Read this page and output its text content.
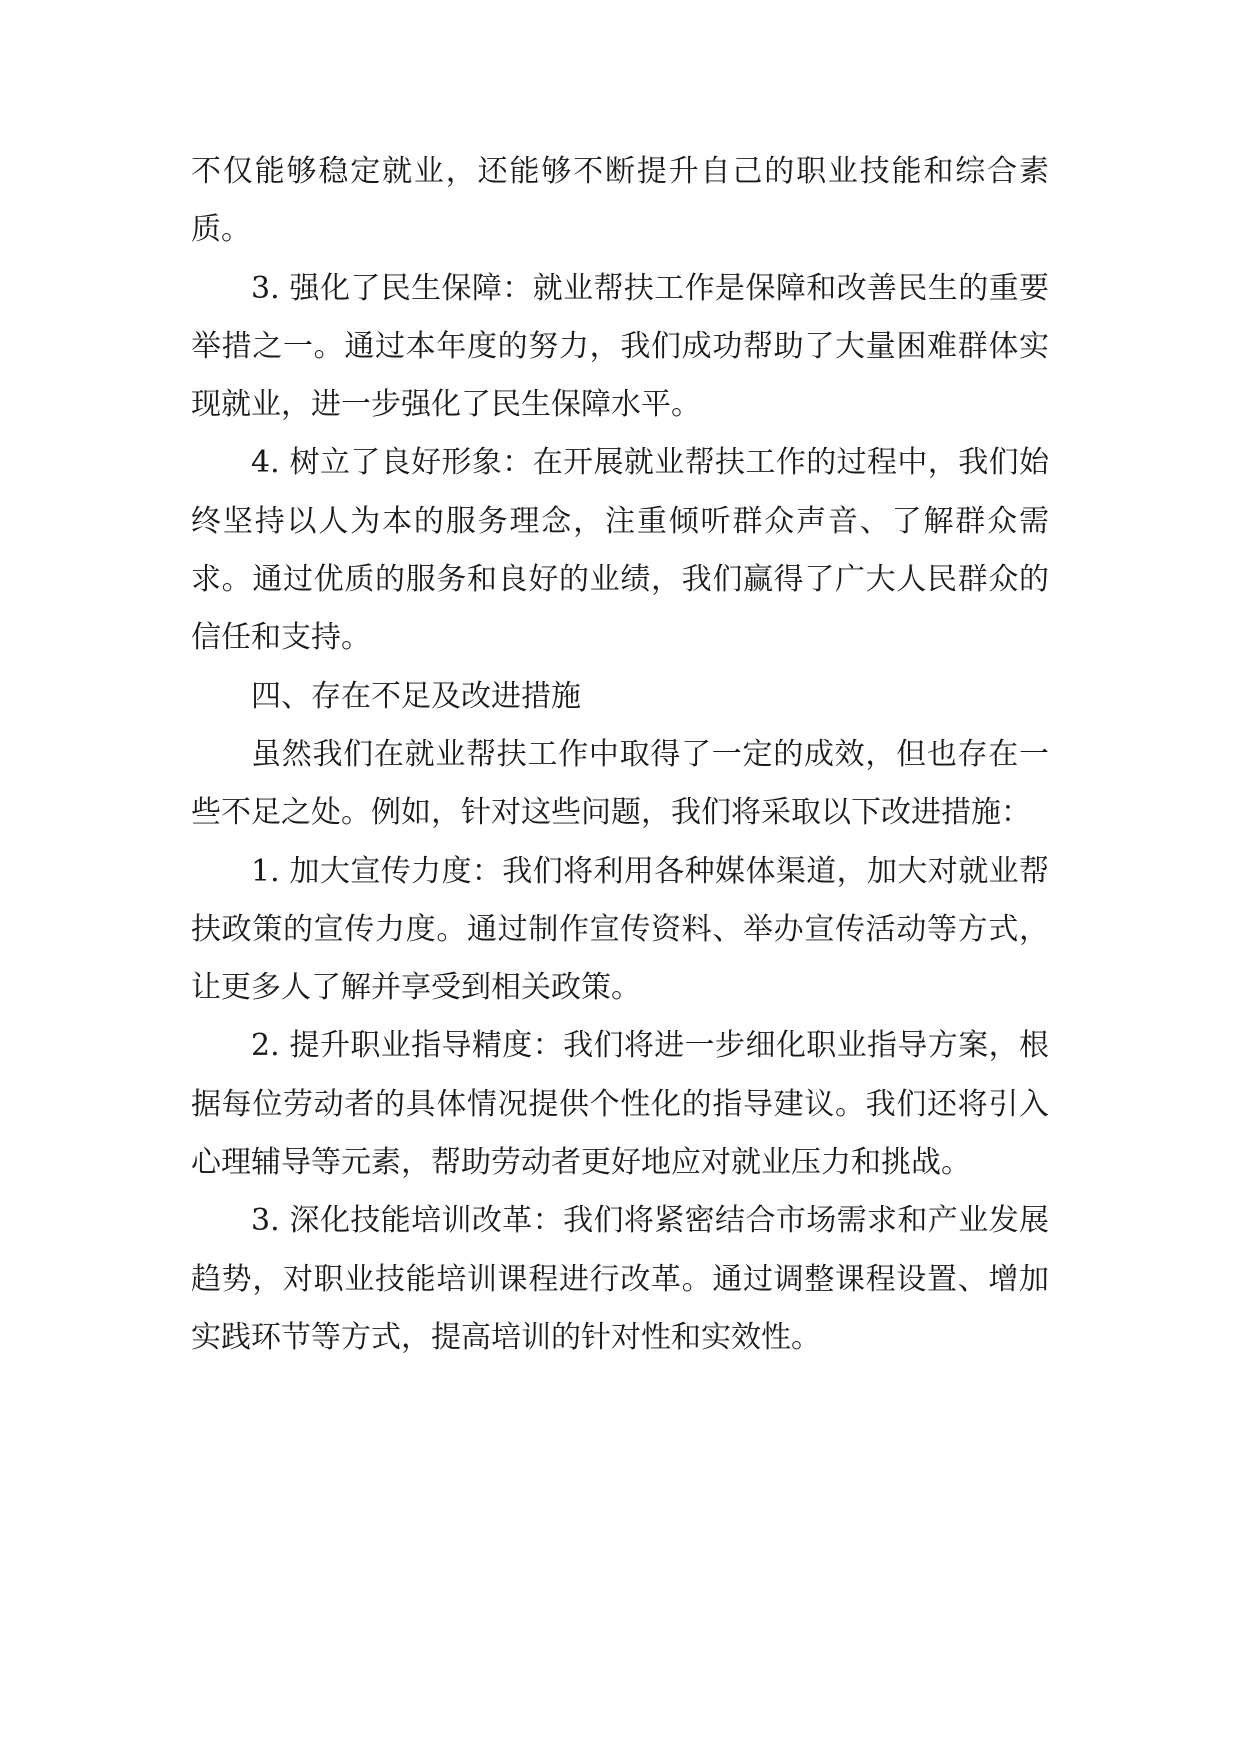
不仅能够稳定就业，还能够不断提升自己的职业技能和综合素质。

3. 强化了民生保障：就业帮扶工作是保障和改善民生的重要举措之一。通过本年度的努力，我们成功帮助了大量困难群体实现就业，进一步强化了民生保障水平。

4. 树立了良好形象：在开展就业帮扶工作的过程中，我们始终坚持以人为本的服务理念，注重倾听群众声音、了解群众需求。通过优质的服务和良好的业绩，我们赢得了广大人民群众的信任和支持。

四、存在不足及改进措施

虽然我们在就业帮扶工作中取得了一定的成效，但也存在一些不足之处。例如，针对这些问题，我们将采取以下改进措施：

1. 加大宣传力度：我们将利用各种媒体渠道，加大对就业帮扶政策的宣传力度。通过制作宣传资料、举办宣传活动等方式，让更多人了解并享受到相关政策。

2. 提升职业指导精度：我们将进一步细化职业指导方案，根据每位劳动者的具体情况提供个性化的指导建议。我们还将引入心理辅导等元素，帮助劳动者更好地应对就业压力和挑战。

3. 深化技能培训改革：我们将紧密结合市场需求和产业发展趋势，对职业技能培训课程进行改革。通过调整课程设置、增加实践环节等方式，提高培训的针对性和实效性。
